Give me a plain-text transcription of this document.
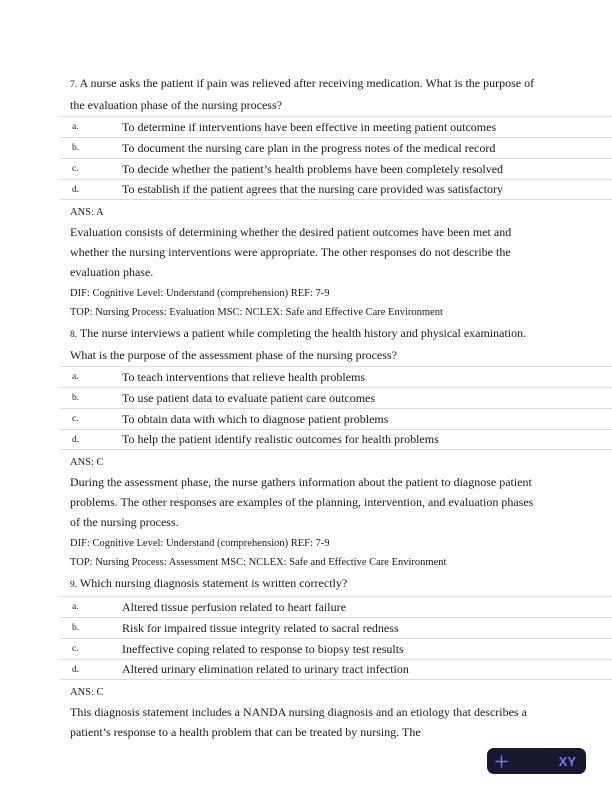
7. A nurse asks the patient if pain was relieved after receiving medication. What is the purpose of the evaluation phase of the nursing process?

a.	To determine if interventions have been effective in meeting patient outcomes
b.	To document the nursing care plan in the progress notes of the medical record
c.	To decide whether the patient’s health problems have been completely resolved
d.	To establish if the patient agrees that the nursing care provided was satisfactory

ANS: A

Evaluation consists of determining whether the desired patient outcomes have been met and whether the nursing interventions were appropriate. The other responses do not describe the evaluation phase.

DIF: Cognitive Level: Understand (comprehension) REF: 7-9

TOP: Nursing Process: Evaluation MSC: NCLEX: Safe and Effective Care Environment

8. The nurse interviews a patient while completing the health history and physical examination. What is the purpose of the assessment phase of the nursing process?

a.	To teach interventions that relieve health problems
b.	To use patient data to evaluate patient care outcomes
c.	To obtain data with which to diagnose patient problems
d.	To help the patient identify realistic outcomes for health problems

ANS: C

During the assessment phase, the nurse gathers information about the patient to diagnose patient problems. The other responses are examples of the planning, intervention, and evaluation phases of the nursing process.

DIF: Cognitive Level: Understand (comprehension) REF: 7-9

TOP: Nursing Process: Assessment MSC: NCLEX: Safe and Effective Care Environment

9. Which nursing diagnosis statement is written correctly?

a.	Altered tissue perfusion related to heart failure
b.	Risk for impaired tissue integrity related to sacral redness
c.	Ineffective coping related to response to biopsy test results
d.	Altered urinary elimination related to urinary tract infection

ANS: C

This diagnosis statement includes a NANDA nursing diagnosis and an etiology that describes a patient’s response to a health problem that can be treated by nursing. The

Study XY
